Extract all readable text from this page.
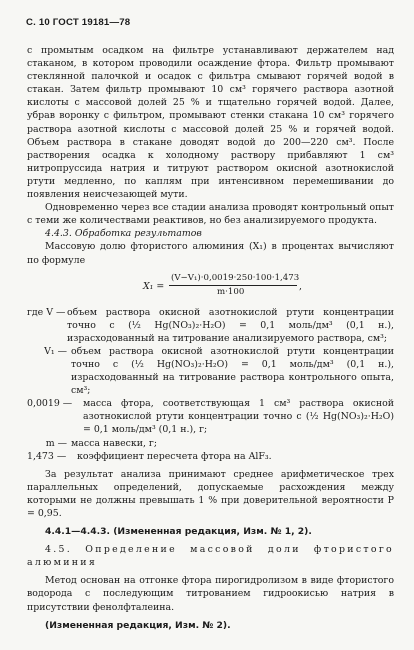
С. 10 ГОСТ 19181—78

с промытым осадком на фильтре устанавливают держателем над стаканом, в котором проводили осаждение фтора. Фильтр промывают стеклянной палочкой и осадок с фильтра смывают горячей водой в стакан. Затем фильтр промывают 10 см³ горячего раствора азотной кислоты с массовой долей 25 % и тщательно горячей водой. Далее, убрав воронку с фильтром, промывают стенки стакана 10 см³ горячего раствора азотной кислоты с массовой долей 25 % и горячей водой. Объем раствора в стакане доводят водой до 200—220 см³. После растворения осадка к холодному раствору прибавляют 1 см³ нитропруссида натрия и титруют раствором окисной азотнокислой ртути медленно, по каплям при интенсивном перемешивании до появления неисчезающей мути.

Одновременно через все стадии анализа проводят контрольный опыт с теми же количествами реактивов, но без анализируемого продукта.

4.4.3. Обработка результатов

Массовую долю фтористого алюминия (X₁) в процентах вычисляют по формуле

X₁ =
(V−V₁)·0,0019·250·100·1,473
m·100	,
где V — объем раствора окисной азотнокислой ртути концентрации точно c (½ Hg(NO₃)₂·H₂O) = 0,1 моль/дм³ (0,1 н.), израсходованный на титрование анализируемого раствора, см³;
V₁ — объем раствора окисной азотнокислой ртути концентрации точно c (½ Hg(NO₃)₂·H₂O) = 0,1 моль/дм³ (0,1 н.), израсходованный на титрование раствора контрольного опыта, см³;
0,0019 —	масса фтора, соответствующая 1 см³ раствора окисной азотнокислой ртути концентрации точно c (½ Hg(NO₃)₂·H₂O) = 0,1 моль/дм³ (0,1 н.), г;
m — масса навески, г;
1,473 —	коэффициент пересчета фтора на AlF₃.

За результат анализа принимают среднее арифметическое трех параллельных определений, допускаемые расхождения между которыми не должны превышать 1 % при доверительной вероятности P = 0,95.

4.4.1—4.4.3. (Измененная редакция, Изм. № 1, 2).

4.5. Определение массовой доли фтористого алюминия

Метод основан на отгонке фтора пирогидролизом в виде фтористого водорода с последующим титрованием гидроокисью натрия в присутствии фенолфталеина.

(Измененная редакция, Изм. № 2).
